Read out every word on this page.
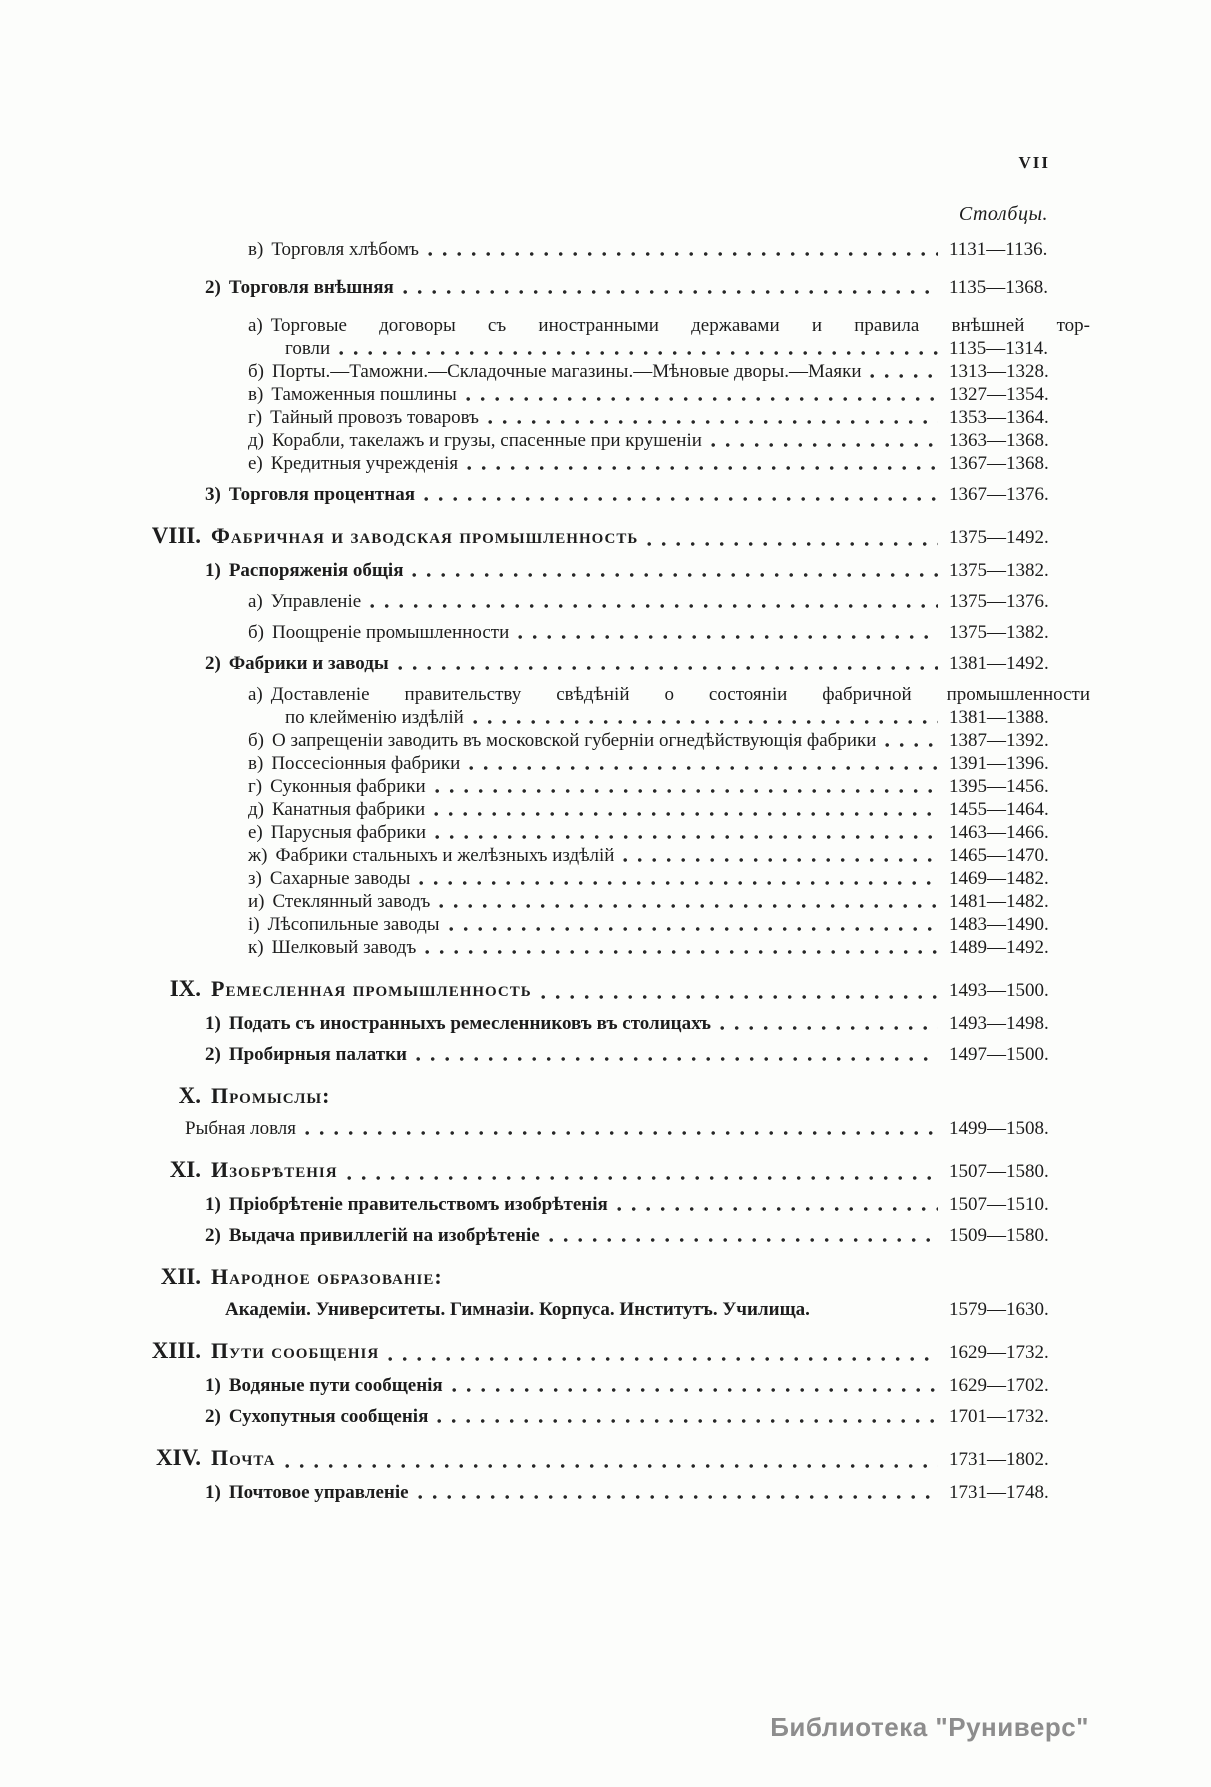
VII
Столбцы.
в) Торговля хлѣбомъ	1131—1136.
2) Торговля внѣшняя	1135—1368.
а) Торговые договоры съ иностранными державами и правила внѣшней тор-
говли	1135—1314.
б) Порты.—Таможни.—Складочные магазины.—Мѣновые дворы.—Маяки	1313—1328.
в) Таможенныя пошлины	1327—1354.
г) Тайный провозъ товаровъ	1353—1364.
д) Корабли, такелажъ и грузы, спасенные при крушеніи	1363—1368.
е) Кредитныя учрежденія	1367—1368.
3) Торговля процентная	1367—1376.
VIII. Фабричная и заводская промышленность	1375—1492.
1) Распоряженія общія	1375—1382.
а) Управленіе	1375—1376.
б) Поощреніе промышленности	1375—1382.
2) Фабрики и заводы	1381—1492.
а) Доставленіе правительству свѣдѣній о состояніи фабричной промышленности
по клейменію издѣлій	1381—1388.
б) О запрещеніи заводить въ московской губерніи огнедѣйствующія фабрики	1387—1392.
в) Поссесіонныя фабрики	1391—1396.
г) Суконныя фабрики	1395—1456.
д) Канатныя фабрики	1455—1464.
е) Парусныя фабрики	1463—1466.
ж) Фабрики стальныхъ и желѣзныхъ издѣлій	1465—1470.
з) Сахарные заводы	1469—1482.
и) Стеклянный заводъ	1481—1482.
і) Лѣсопильные заводы	1483—1490.
к) Шелковый заводъ	1489—1492.
IX. Ремесленная промышленность	1493—1500.
1) Подать съ иностранныхъ ремесленниковъ въ столицахъ	1493—1498.
2) Пробирныя палатки	1497—1500.
X. Промыслы:
Рыбная ловля	1499—1508.
XI. Изобрѣтенія	1507—1580.
1) Пріобрѣтеніе правительствомъ изобрѣтенія	1507—1510.
2) Выдача привиллегій на изобрѣтеніе	1509—1580.
XII. Народное образованіе:
Академіи. Университеты. Гимназіи. Корпуса. Институтъ. Училища.	1579—1630.
XIII. Пути сообщенія	1629—1732.
1) Водяные пути сообщенія	1629—1702.
2) Сухопутныя сообщенія	1701—1732.
XIV. Почта	1731—1802.
1) Почтовое управленіе	1731—1748.
Библиотека "Руниверс"
